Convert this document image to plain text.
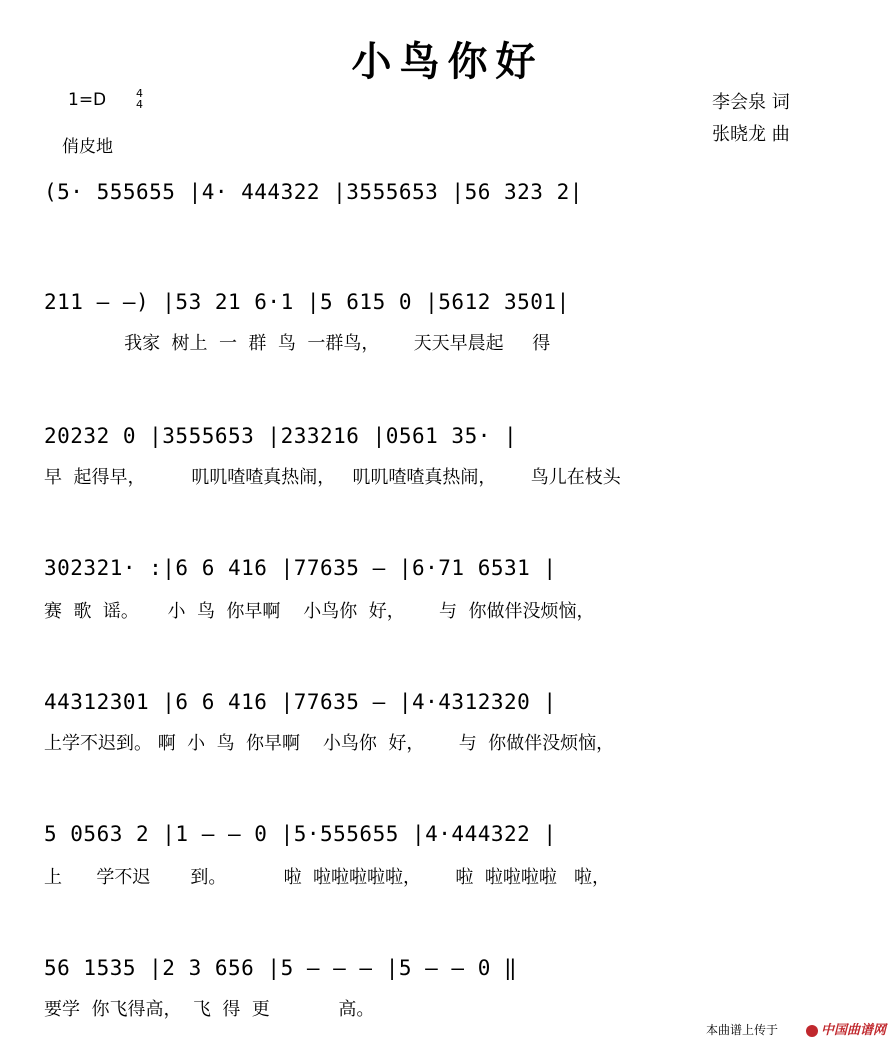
小鸟你好
1=D	4
4
俏皮地
李会泉 词
张晓龙 曲
(5· 555655 |4· 444322 |3555653 |56 323 2|
211 — —) |53 21 6·1 |5 615 0 |5612 3501|
我家  树上  一  群  鸟  一群鸟，      天天早晨起     得
20232 0 |3555653 |233216 |0561 35· |
早  起得早，        叽叽喳喳真热闹，   叽叽喳喳真热闹，      鸟儿在枝头
302321· :|6 6 416 |77635 — |6·71 6531 |
赛  歌  谣。     小  鸟  你早啊    小鸟你  好，      与  你做伴没烦恼，
44312301 |6 6 416 |77635 — |4·4312320 |
上学不迟到。 啊  小  鸟  你早啊    小鸟你  好，      与  你做伴没烦恼，
5 0563 2 |1 — — 0 |5·555655 |4·444322 |
上      学不迟       到。          啦  啦啦啦啦啦，      啦  啦啦啦啦   啦，
56 1535 |2 3 656 |5 — — — |5 — — 0 ‖
要学  你飞得高，  飞  得  更            高。
本曲谱上传于	中国曲谱网
